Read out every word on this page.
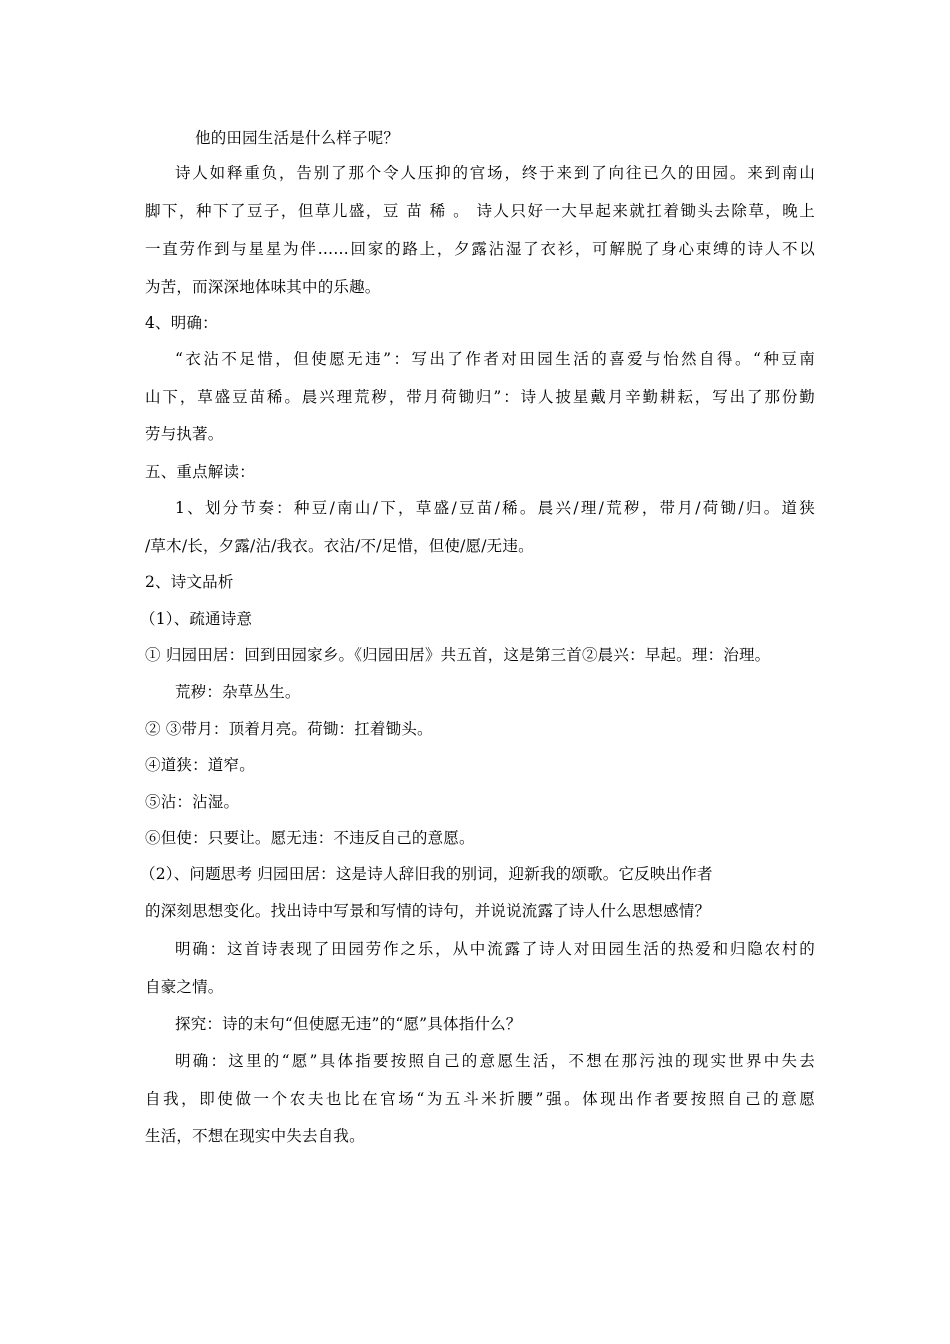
他的田园生活是什么样子呢？
诗人如释重负，告别了那个令人压抑的官场，终于来到了向往已久的田园。来到南山
脚下，种下了豆子，但草儿盛，豆 苗 稀 。 诗人只好一大早起来就扛着锄头去除草，晚上
一直劳作到与星星为伴……回家的路上，夕露沾湿了衣衫，可解脱了身心束缚的诗人不以
为苦，而深深地体味其中的乐趣。
4、明确：
“衣沾不足惜，但使愿无违”：写出了作者对田园生活的喜爱与怡然自得。“种豆南
山下，草盛豆苗稀。晨兴理荒秽，带月荷锄归”：诗人披星戴月辛勤耕耘，写出了那份勤
劳与执著。
五、重点解读：
1、划分节奏：种豆/南山/下，草盛/豆苗/稀。晨兴/理/荒秽，带月/荷锄/归。道狭
/草木/长，夕露/沾/我衣。衣沾/不/足惜，但使/愿/无违。
2、诗文品析
（1）、疏通诗意
① 归园田居：回到田园家乡。《归园田居》共五首，这是第三首②晨兴：早起。理：治理。
荒秽：杂草丛生。
② ③带月：顶着月亮。荷锄：扛着锄头。
④道狭：道窄。
⑤沾：沾湿。
⑥但使：只要让。愿无违：不违反自己的意愿。
（2）、问题思考 归园田居：这是诗人辞旧我的别词，迎新我的颂歌。它反映出作者
的深刻思想变化。找出诗中写景和写情的诗句，并说说流露了诗人什么思想感情？
明确：这首诗表现了田园劳作之乐，从中流露了诗人对田园生活的热爱和归隐农村的
自豪之情。
探究：诗的末句“但使愿无违”的“愿”具体指什么？
明确：这里的“愿”具体指要按照自己的意愿生活，不想在那污浊的现实世界中失去
自我，即使做一个农夫也比在官场“为五斗米折腰”强。体现出作者要按照自己的意愿
生活，不想在现实中失去自我。
